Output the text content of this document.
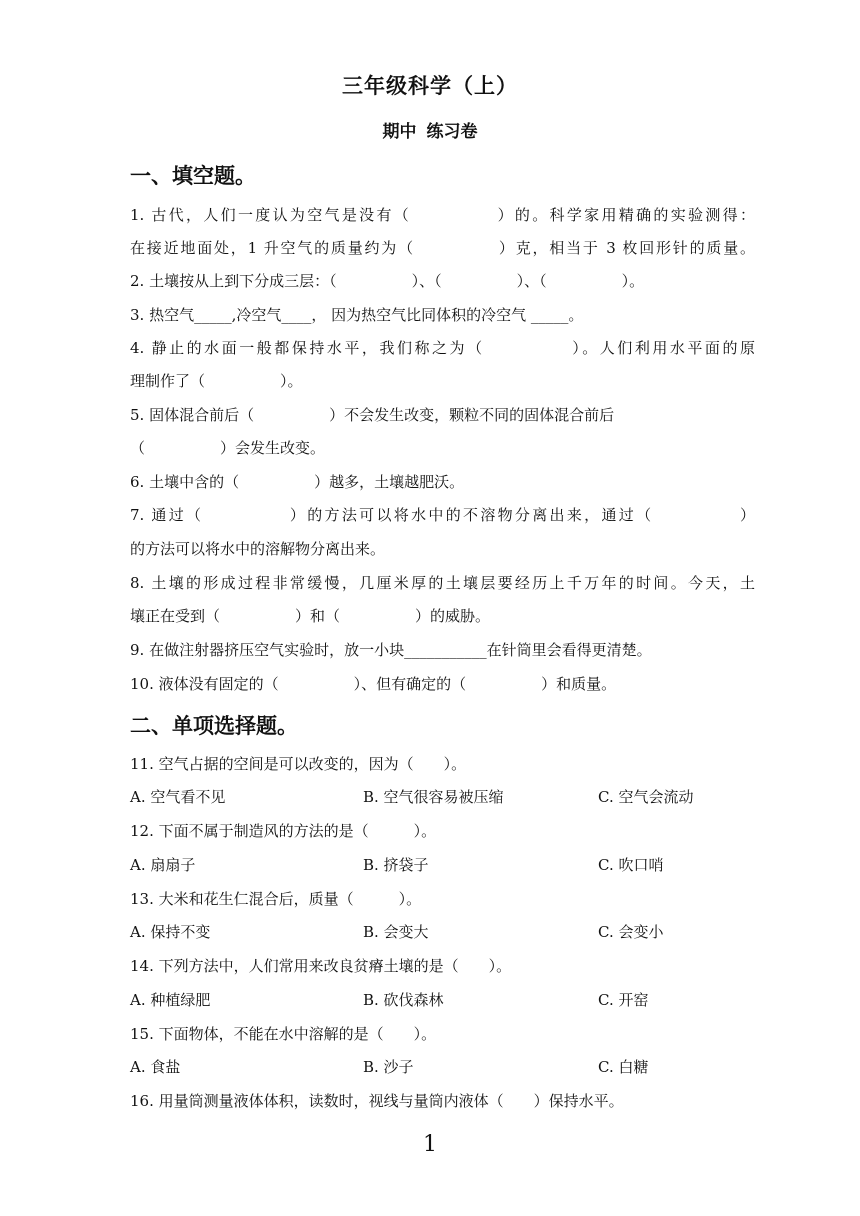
三年级科学（上）
期中 练习卷
一、填空题。
1. 古代，人们一度认为空气是没有（　　　　　）的。科学家用精确的实验测得：
在接近地面处，1 升空气的质量约为（　　　　　）克，相当于 3 枚回形针的质量。
2. 土壤按从上到下分成三层：（　　　　　）、（　　　　　）、（　　　　　）。
3. 热空气_____,冷空气____， 因为热空气比同体积的冷空气 _____。
4. 静止的水面一般都保持水平，我们称之为（　　　　　）。人们利用水平面的原
理制作了（　　　　　）。
5. 固体混合前后（　　　　　）不会发生改变，颗粒不同的固体混合前后
（　　　　　）会发生改变。
6. 土壤中含的（　　　　　）越多，土壤越肥沃。
7. 通过（　　　　　）的方法可以将水中的不溶物分离出来，通过（　　　　　）
的方法可以将水中的溶解物分离出来。
8. 土壤的形成过程非常缓慢，几厘米厚的土壤层要经历上千万年的时间。今天，土
壤正在受到（　　　　　）和（　　　　　）的威胁。
9. 在做注射器挤压空气实验时，放一小块___________在针筒里会看得更清楚。
10. 液体没有固定的（　　　　　）、但有确定的（　　　　　）和质量。
二、单项选择题。
11. 空气占据的空间是可以改变的，因为（　　）。
A. 空气看不见	B. 空气很容易被压缩	C. 空气会流动
12. 下面不属于制造风的方法的是（　　　）。
A. 扇扇子	B. 挤袋子	C. 吹口哨
13. 大米和花生仁混合后，质量（　　　）。
A. 保持不变	B. 会变大	C. 会变小
14. 下列方法中，人们常用来改良贫瘠土壤的是（　　）。
A. 种植绿肥	B. 砍伐森林	C. 开窑
15. 下面物体，不能在水中溶解的是（　　）。
A. 食盐	B. 沙子	C. 白糖
16. 用量筒测量液体体积，读数时，视线与量筒内液体（　　）保持水平。
1
